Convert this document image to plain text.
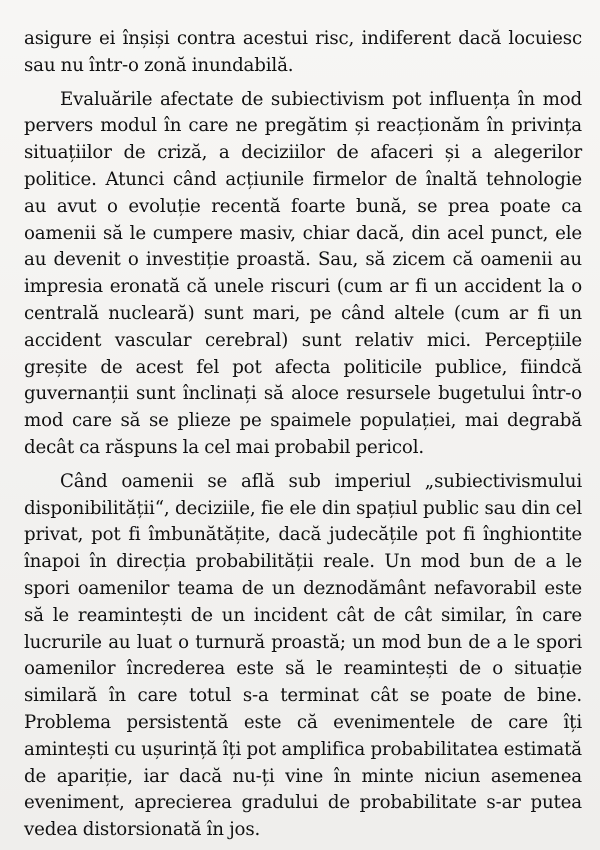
asigure ei înșiși contra acestui risc, indiferent dacă locuiesc sau nu într-o zonă inundabilă.

Evaluările afectate de subiectivism pot influența în mod pervers modul în care ne pregătim și reacționăm în privința situațiilor de criză, a deciziilor de afaceri și a alegerilor politice. Atunci când acțiunile firmelor de înaltă tehnologie au avut o evoluție recentă foarte bună, se prea poate ca oamenii să le cumpere masiv, chiar dacă, din acel punct, ele au devenit o investiție proastă. Sau, să zicem că oamenii au impresia eronată că unele riscuri (cum ar fi un accident la o centrală nucleară) sunt mari, pe când altele (cum ar fi un accident vascular cerebral) sunt relativ mici. Percepțiile greșite de acest fel pot afecta politicile publice, fiindcă guvernanții sunt înclinați să aloce resursele bugetului într-o mod care să se plieze pe spaimele populației, mai degrabă decât ca răspuns la cel mai probabil pericol.

Când oamenii se află sub imperiul „subiectivismului disponibilității“, deciziile, fie ele din spațiul public sau din cel privat, pot fi îmbunătățite, dacă judecățile pot fi înghiontite înapoi în direcția probabilității reale. Un mod bun de a le spori oamenilor teama de un deznodământ nefavorabil este să le reamintești de un incident cât de cât similar, în care lucrurile au luat o turnură proastă; un mod bun de a le spori oamenilor încrederea este să le reamintești de o situație similară în care totul s-a terminat cât se poate de bine. Problema persistentă este că evenimentele de care îți amintești cu ușurință îți pot amplifica probabilitatea estimată de apariție, iar dacă nu-ți vine în minte niciun asemenea eveniment, aprecierea gradului de probabilitate s-ar putea vedea distorsionată în jos.
